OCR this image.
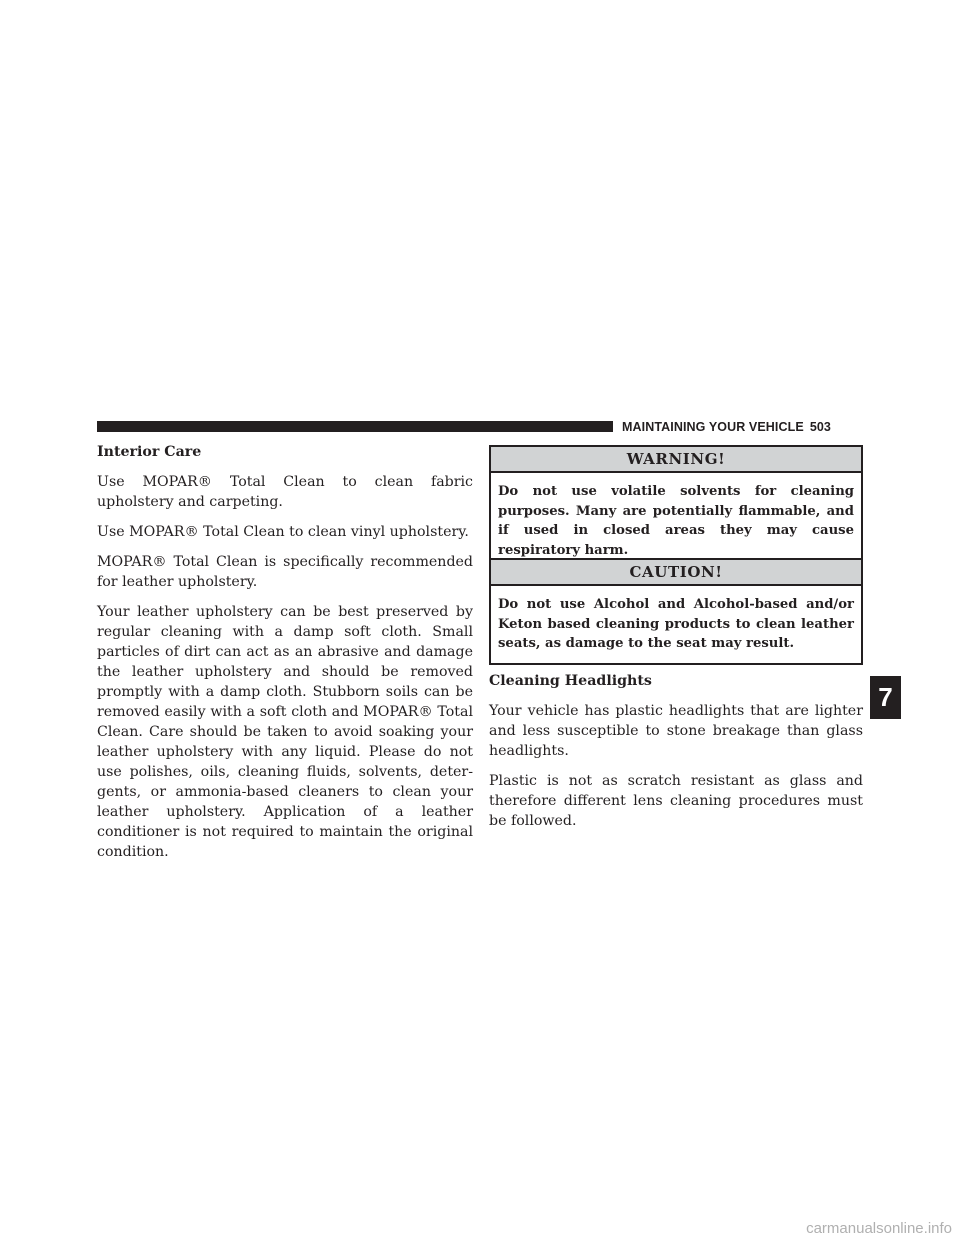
MAINTAINING YOUR VEHICLE 503
Interior Care

Use MOPAR® Total Clean to clean fabric upholstery and carpeting.

Use MOPAR® Total Clean to clean vinyl upholstery.

MOPAR® Total Clean is specifically recommended for leather upholstery.

Your leather upholstery can be best preserved by regular cleaning with a damp soft cloth. Small particles of dirt can act as an abrasive and damage the leather upholstery and should be removed promptly with a damp cloth. Stubborn soils can be removed easily with a soft cloth and MOPAR® Total Clean. Care should be taken to avoid soaking your leather upholstery with any liquid. Please do not use polishes, oils, cleaning fluids, solvents, deter-gents, or ammonia-based cleaners to clean your leather upholstery. Application of a leather conditioner is not required to maintain the original condition.

WARNING!
Do not use volatile solvents for cleaning purposes. Many are potentially flammable, and if used in closed areas they may cause respiratory harm.
CAUTION!
Do not use Alcohol and Alcohol-based and/or Keton based cleaning products to clean leather seats, as damage to the seat may result.
Cleaning Headlights

Your vehicle has plastic headlights that are lighter and less susceptible to stone breakage than glass headlights.

Plastic is not as scratch resistant as glass and therefore different lens cleaning procedures must be followed.

7
carmanualsonline.info
